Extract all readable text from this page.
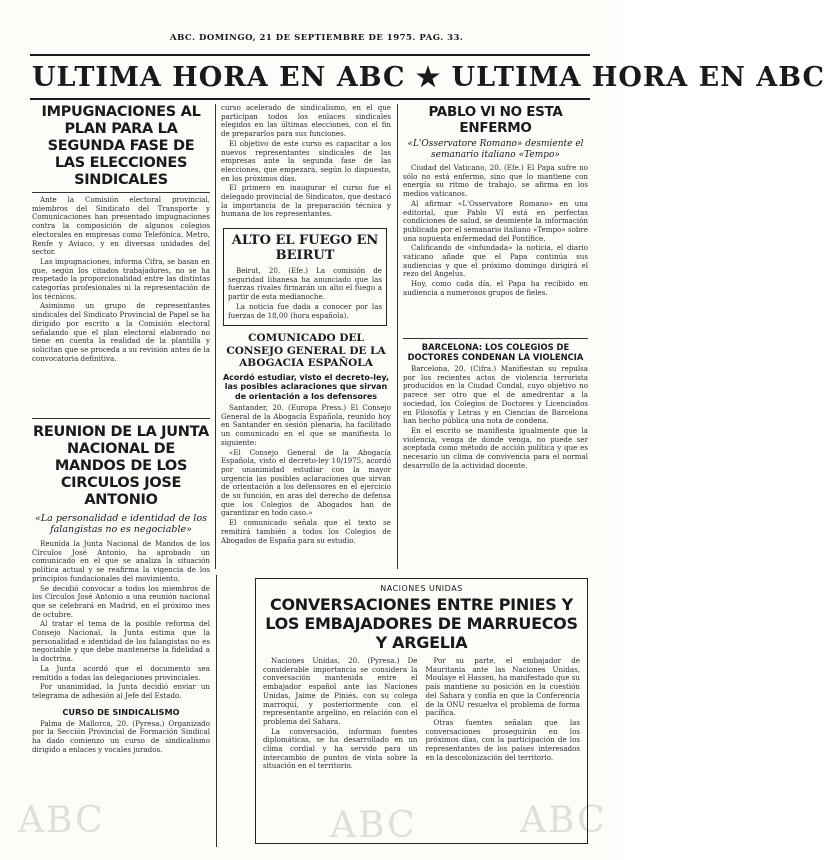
ABC. DOMINGO, 21 DE SEPTIEMBRE DE 1975. PAG. 33.
ULTIMA HORA EN ABC ★ ULTIMA HORA EN ABC
ABC	ABC	ABC
IMPUGNACIONES AL PLAN PARA LA SEGUNDA FASE DE LAS ELECCIONES SINDICALES

Ante la Comisión electoral provincial, miembros del Sindicato del Transporte y Comunicaciones han presentado impugnaciones contra la composición de algunos colegios electorales en empresas como Telefónica, Metro, Renfe y Aviaco, y en diversas unidades del sector.

Las impugnaciones, informa Cifra, se basan en que, según los citados trabajadores, no se ha respetado la proporcionalidad entre las distintas categorías profesionales ni la representación de los técnicos.

Asimismo un grupo de representantes sindicales del Sindicato Provincial de Papel se ha dirigido por escrito a la Comisión electoral señalando que el plan electoral elaborado no tiene en cuenta la realidad de la plantilla y solicitan que se proceda a su revisión antes de la convocatoria definitiva.

REUNION DE LA JUNTA NACIONAL DE MANDOS DE LOS CIRCULOS JOSE ANTONIO
«La personalidad e identidad de los falangistas no es negociable»

Reunida la Junta Nacional de Mandos de los Círculos José Antonio, ha aprobado un comunicado en el que se analiza la situación política actual y se reafirma la vigencia de los principios fundacionales del movimiento.

Se decidió convocar a todos los miembros de los Círculos José Antonio a una reunión nacional que se celebrará en Madrid, en el próximo mes de octubre.

Al tratar el tema de la posible reforma del Consejo Nacional, la Junta estima que la personalidad e identidad de los falangistas no es negociable y que debe mantenerse la fidelidad a la doctrina.

La Junta acordó que el documento sea remitido a todas las delegaciones provinciales.

Por unanimidad, la Junta decidió enviar un telegrama de adhesión al Jefe del Estado.

CURSO DE SINDICALISMO

Palma de Mallorca, 20. (Pyresa.) Organizado por la Sección Provincial de Formación Sindical ha dado comienzo un curso de sindicalismo dirigido a enlaces y vocales jurados.

curso acelerado de sindicalismo, en el que participan todos los enlaces sindicales elegidos en las últimas elecciones, con el fin de prepararlos para sus funciones.

El objetivo de este curso es capacitar a los nuevos representantes sindicales de las empresas ante la segunda fase de las elecciones, que empezará, según lo dispuesto, en los próximos días.

El primero en inaugurar el curso fue el delegado provincial de Sindicatos, que destacó la importancia de la preparación técnica y humana de los representantes.

ALTO EL FUEGO EN BEIRUT

Beirut, 20. (Efe.) La comisión de seguridad libanesa ha anunciado que las fuerzas rivales firmarán un alto el fuego a partir de esta medianoche.

La noticia fue dada a conocer por las fuerzas de 18,00 (hora española).

COMUNICADO DEL CONSEJO GENERAL DE LA ABOGACIA ESPAÑOLA
Acordó estudiar, visto el decreto-ley, las posibles aclaraciones que sirvan de orientación a los defensores

Santander, 20. (Europa Press.) El Consejo General de la Abogacía Española, reunido hoy en Santander en sesión plenaria, ha facilitado un comunicado en el que se manifiesta lo siguiente:

«El Consejo General de la Abogacía Española, visto el decreto-ley 10/1975, acordó por unanimidad estudiar con la mayor urgencia las posibles aclaraciones que sirvan de orientación a los defensores en el ejercicio de su función, en aras del derecho de defensa que los Colegios de Abogados han de garantizar en todo caso.»

El comunicado señala que el texto se remitirá también a todos los Colegios de Abogados de España para su estudio.

PABLO VI NO ESTA ENFERMO
«L'Osservatore Romano» desmiente el semanario italiano «Tempo»

Ciudad del Vaticano, 20. (Efe.) El Papa sufre no sólo no está enfermo, sino que lo mantiene con energía su ritmo de trabajo, se afirma en los medios vaticanos.

Al afirmar «L'Osservatore Romano» en una editorial, que Pablo VI está en perfectas condiciones de salud, se desmiente la información publicada por el semanario italiano «Tempo» sobre una supuesta enfermedad del Pontífice.

Calificando de «infundada» la noticia, el diario vaticano añade que el Papa continúa sus audiencias y que el próximo domingo dirigirá el rezo del Angelus.

Hoy, como cada día, el Papa ha recibido en audiencia a numerosos grupos de fieles.

BARCELONA: LOS COLEGIOS DE DOCTORES CONDENAN LA VIOLENCIA

Barcelona, 20. (Cifra.) Manifiestan su repulsa por los recientes actos de violencia terrorista producidos en la Ciudad Condal, cuyo objetivo no parece ser otro que el de amedrentar a la sociedad, los Colegios de Doctores y Licenciados en Filosofía y Letras y en Ciencias de Barcelona han hecho pública una nota de condena.

En el escrito se manifiesta igualmente que la violencia, venga de donde venga, no puede ser aceptada como método de acción política y que es necesario un clima de convivencia para el normal desarrollo de la actividad docente.

NACIONES UNIDAS
CONVERSACIONES ENTRE PINIES Y LOS EMBAJADORES DE MARRUECOS Y ARGELIA

Naciones Unidas, 20. (Pyresa.) De considerable importancia se considera la conversación mantenida entre el embajador español ante las Naciones Unidas, Jaime de Piniés, con su colega marroquí, y posteriormente con el representante argelino, en relación con el problema del Sahara.

La conversación, informan fuentes diplomáticas, se ha desarrollado en un clima cordial y ha servido para un intercambio de puntos de vista sobre la situación en el territorio.

Por su parte, el embajador de Mauritania ante las Naciones Unidas, Moulaye el Hassen, ha manifestado que su país mantiene su posición en la cuestión del Sahara y confía en que la Conferencia de la ONU resuelva el problema de forma pacífica.

Otras fuentes señalan que las conversaciones proseguirán en los próximos días, con la participación de los representantes de los países interesados en la descolonización del territorio.
